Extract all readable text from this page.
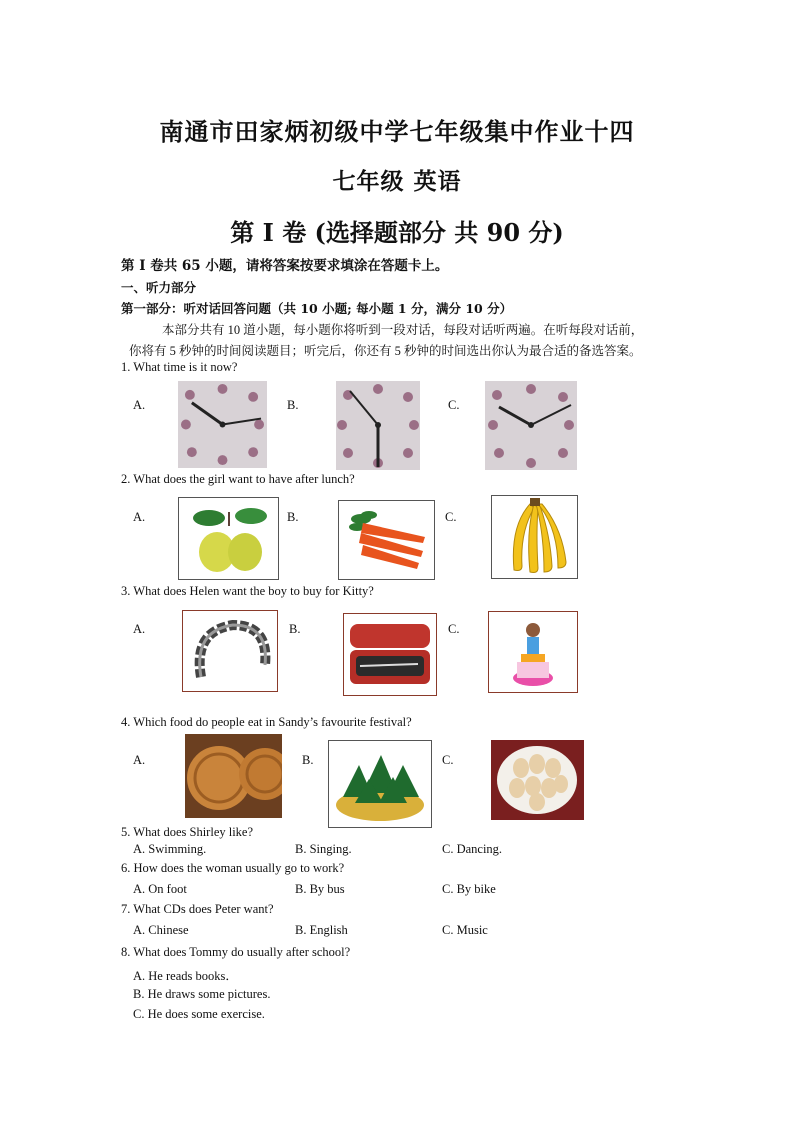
南通市田家炳初级中学七年级集中作业十四
七年级 英语
第 I 卷 (选择题部分 共 90 分)
第 I 卷共 65 小题，请将答案按要求填涂在答题卡上。
一、听力部分
第一部分：听对话回答问题（共 10 小题; 每小题 1 分，满分 10 分）
本部分共有 10 道小题，每小题你将听到一段对话，每段对话听两遍。在听每段对话前，
你将有 5 秒钟的时间阅读题目；听完后，你还有 5 秒钟的时间选出你认为最合适的备选答案。
1. What time is it now?
A.	B.	C.
2. What does the girl want to have after lunch?
A.	B.	C.
3. What does Helen want the boy to buy for Kitty?
A.	B.	C.
4. Which food do people eat in Sandy’s favourite festival?
A.	B.	C.
5. What does Shirley like?
A. Swimming.	B. Singing.	C. Dancing.
6. How does the woman usually go to work?
A. On foot	B. By bus	C. By bike
7. What CDs does Peter want?
A. Chinese	B. English	C. Music
8. What does Tommy do usually after school?
A. He reads books．
B. He draws some pictures.
C. He does some exercise.
